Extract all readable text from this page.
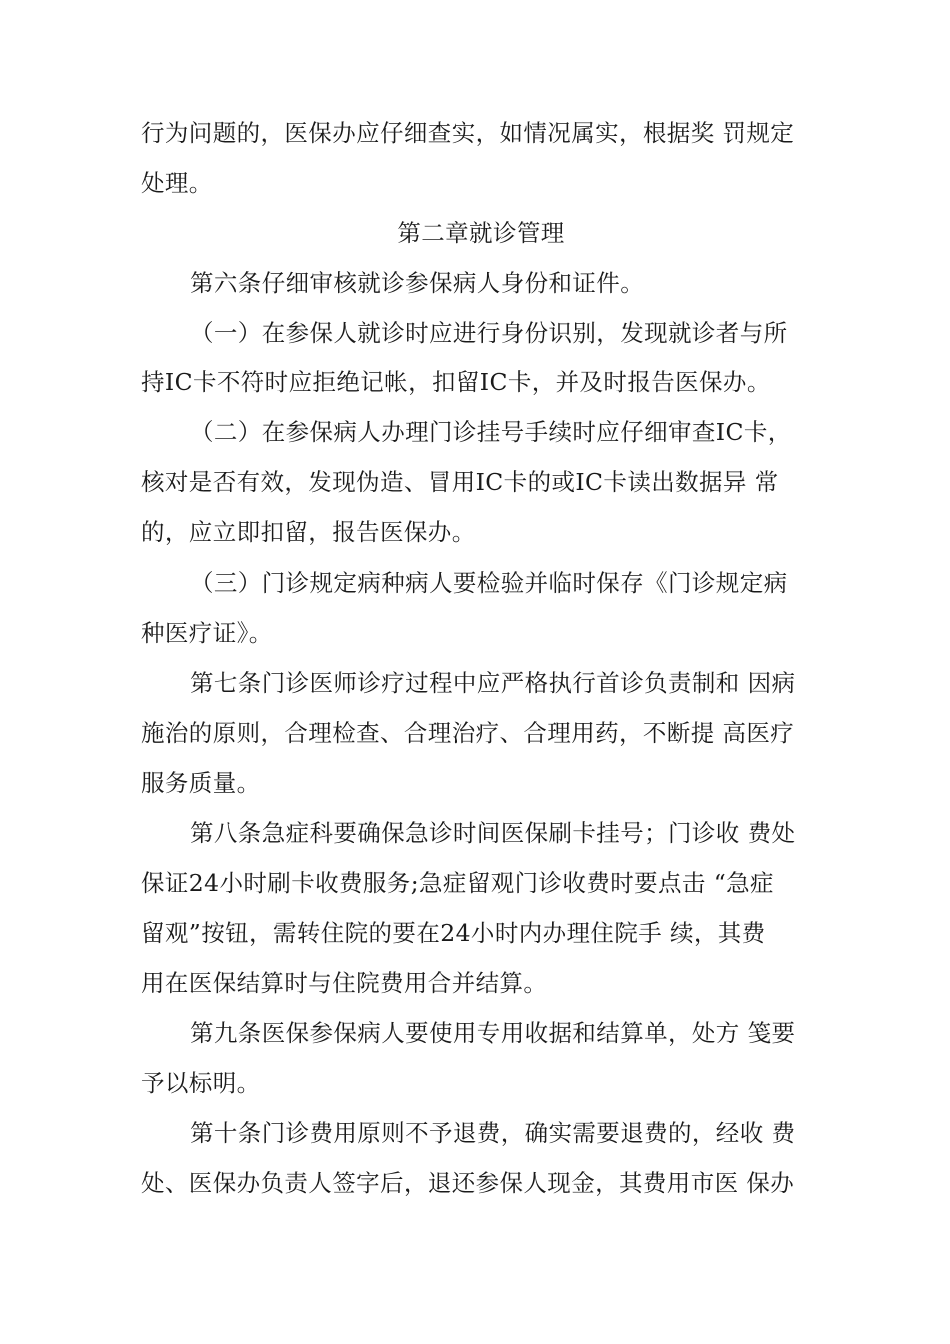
行为问题的，医保办应仔细查实，如情况属实，根据奖 罚规定
处理。
第二章就诊管理
第六条仔细审核就诊参保病人身份和证件。
（一）在参保人就诊时应进行身份识别，发现就诊者与所
持IC卡不符时应拒绝记帐，扣留IC卡，并及时报告医保办。
（二）在参保病人办理门诊挂号手续时应仔细审查IC卡，
核对是否有效，发现伪造、冒用IC卡的或IC卡读出数据异 常
的，应立即扣留，报告医保办。
（三）门诊规定病种病人要检验并临时保存《门诊规定病
种医疗证》。
第七条门诊医师诊疗过程中应严格执行首诊负责制和 因病
施治的原则，合理检查、合理治疗、合理用药，不断提 高医疗
服务质量。
第八条急症科要确保急诊时间医保刷卡挂号；门诊收 费处
保证24小时刷卡收费服务;急症留观门诊收费时要点击 “急症
留观”按钮，需转住院的要在24小时内办理住院手 续，其费
用在医保结算时与住院费用合并结算。
第九条医保参保病人要使用专用收据和结算单，处方 笺要
予以标明。
第十条门诊费用原则不予退费，确实需要退费的，经收 费
处、医保办负责人签字后，退还参保人现金，其费用市医 保办
